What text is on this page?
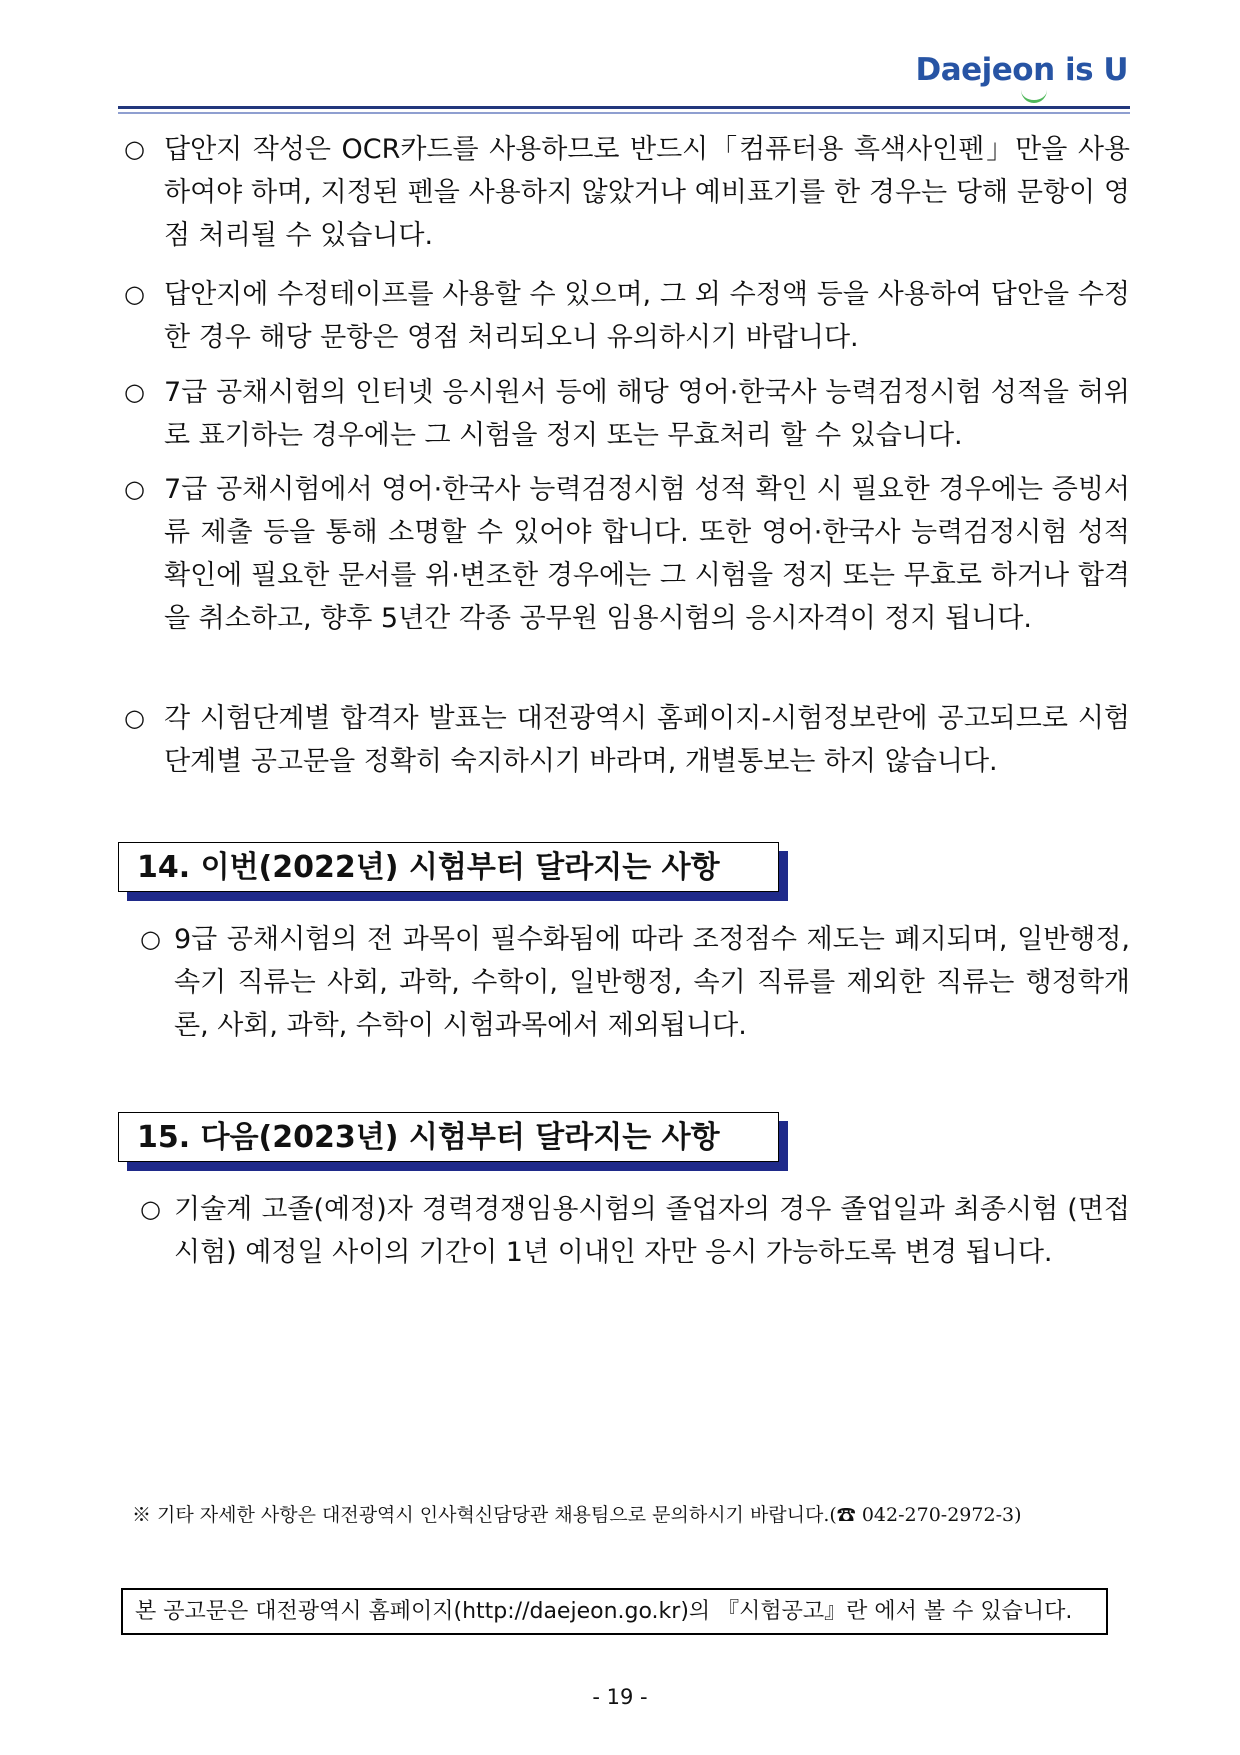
Daejeon is U
○ 답안지 작성은 OCR카드를 사용하므로 반드시「컴퓨터용 흑색사인펜」만을 사용하여야 하며, 지정된 펜을 사용하지 않았거나 예비표기를 한 경우는 당해 문항이 영점 처리될 수 있습니다.
○ 답안지에 수정테이프를 사용할 수 있으며, 그 외 수정액 등을 사용하여 답안을 수정한 경우 해당 문항은 영점 처리되오니 유의하시기 바랍니다.
○ 7급 공채시험의 인터넷 응시원서 등에 해당 영어·한국사 능력검정시험 성적을 허위로 표기하는 경우에는 그 시험을 정지 또는 무효처리 할 수 있습니다.
○ 7급 공채시험에서 영어·한국사 능력검정시험 성적 확인 시 필요한 경우에는 증빙서류 제출 등을 통해 소명할 수 있어야 합니다. 또한 영어·한국사 능력검정시험 성적 확인에 필요한 문서를 위·변조한 경우에는 그 시험을 정지 또는 무효로 하거나 합격을 취소하고, 향후 5년간 각종 공무원 임용시험의 응시자격이 정지 됩니다.
○ 각 시험단계별 합격자 발표는 대전광역시 홈페이지-시험정보란에 공고되므로 시험 단계별 공고문을 정확히 숙지하시기 바라며, 개별통보는 하지 않습니다.
14. 이번(2022년) 시험부터 달라지는 사항
○ 9급 공채시험의 전 과목이 필수화됨에 따라 조정점수 제도는 폐지되며, 일반행정, 속기 직류는 사회, 과학, 수학이, 일반행정, 속기 직류를 제외한 직류는 행정학개론, 사회, 과학, 수학이 시험과목에서 제외됩니다.
15. 다음(2023년) 시험부터 달라지는 사항
○ 기술계 고졸(예정)자 경력경쟁임용시험의 졸업자의 경우 졸업일과 최종시험 (면접시험) 예정일 사이의 기간이 1년 이내인 자만 응시 가능하도록 변경 됩니다.
※ 기타 자세한 사항은 대전광역시 인사혁신담당관 채용팀으로 문의하시기 바랍니다.(☎ 042-270-2972-3)
본 공고문은 대전광역시 홈페이지(http://daejeon.go.kr)의 『시험공고』란 에서 볼 수 있습니다.
- 19 -
